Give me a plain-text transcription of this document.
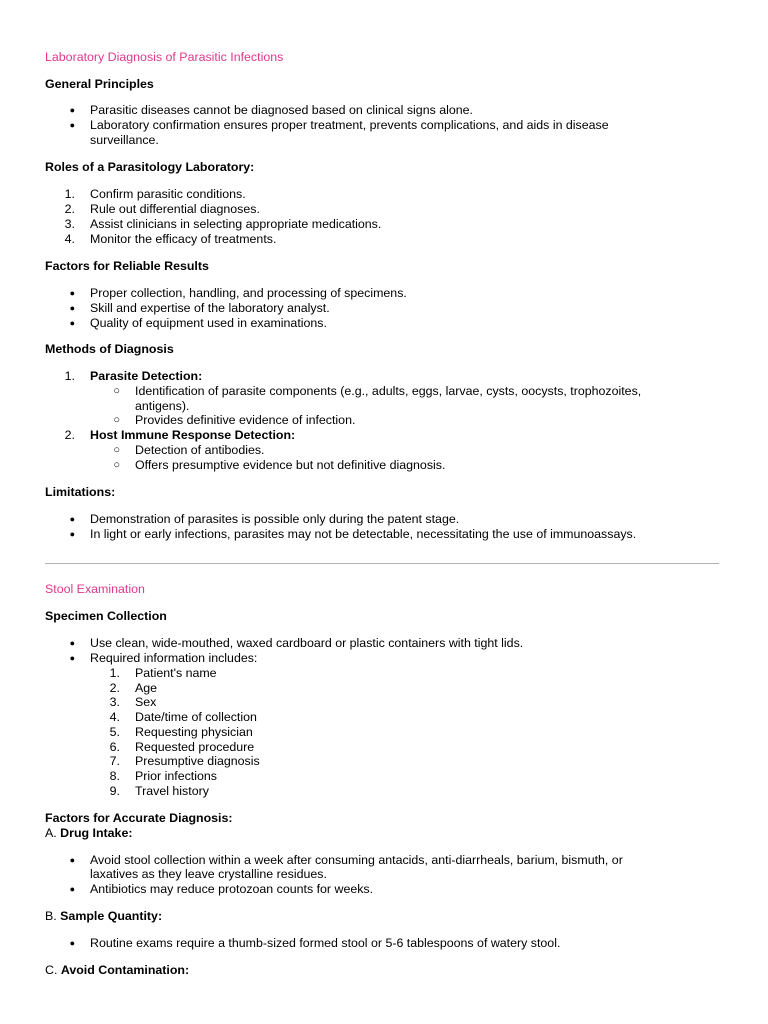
Laboratory Diagnosis of Parasitic Infections
General Principles
● Parasitic diseases cannot be diagnosed based on clinical signs alone.
● Laboratory confirmation ensures proper treatment, prevents complications, and aids in disease
surveillance.
Roles of a Parasitology Laboratory:
1. Confirm parasitic conditions.
2. Rule out differential diagnoses.
3. Assist clinicians in selecting appropriate medications.
4. Monitor the efficacy of treatments.
Factors for Reliable Results
● Proper collection, handling, and processing of specimens.
● Skill and expertise of the laboratory analyst.
● Quality of equipment used in examinations.
Methods of Diagnosis
1. Parasite Detection:
○ Identification of parasite components (e.g., adults, eggs, larvae, cysts, oocysts, trophozoites,
antigens).
○ Provides definitive evidence of infection.
2. Host Immune Response Detection:
○ Detection of antibodies.
○ Offers presumptive evidence but not definitive diagnosis.
Limitations:
● Demonstration of parasites is possible only during the patent stage.
● In light or early infections, parasites may not be detectable, necessitating the use of immunoassays.
Stool Examination
Specimen Collection
● Use clean, wide-mouthed, waxed cardboard or plastic containers with tight lids.
● Required information includes:
1. Patient's name
2. Age
3. Sex
4. Date/time of collection
5. Requesting physician
6. Requested procedure
7. Presumptive diagnosis
8. Prior infections
9. Travel history
Factors for Accurate Diagnosis:
A. Drug Intake:
● Avoid stool collection within a week after consuming antacids, anti-diarrheals, barium, bismuth, or
laxatives as they leave crystalline residues.
● Antibiotics may reduce protozoan counts for weeks.
B. Sample Quantity:
● Routine exams require a thumb-sized formed stool or 5-6 tablespoons of watery stool.
C. Avoid Contamination:
